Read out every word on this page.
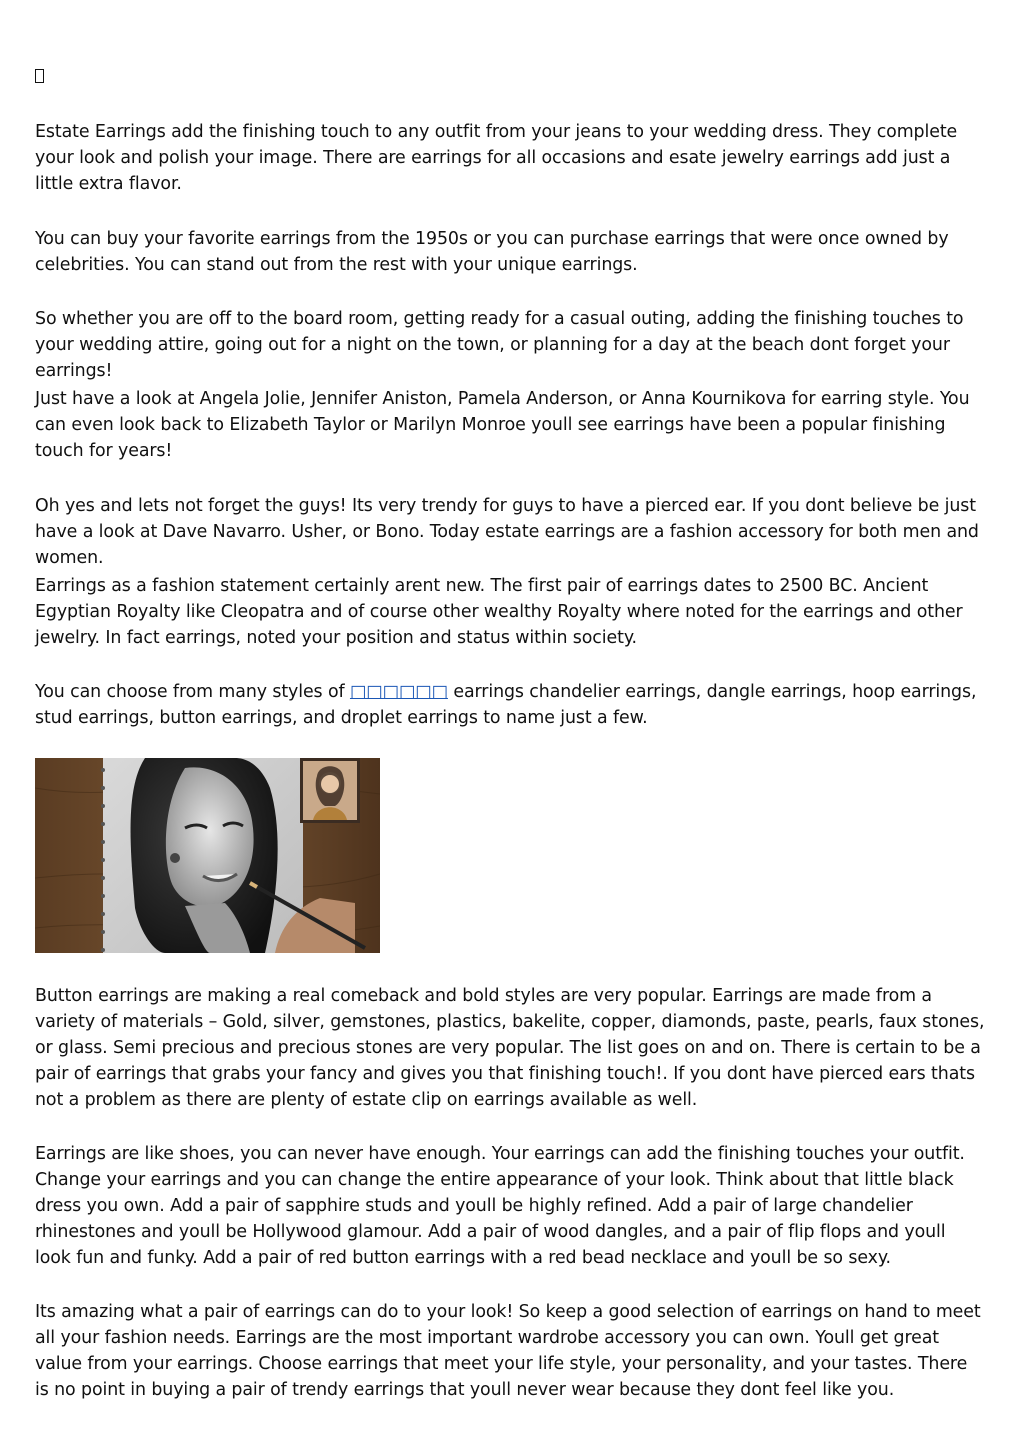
Estate Earrings add the finishing touch to any outfit from your jeans to your wedding dress. They complete your look and polish your image. There are earrings for all occasions and esate jewelry earrings add just a little extra flavor.

You can buy your favorite earrings from the 1950s or you can purchase earrings that were once owned by celebrities. You can stand out from the rest with your unique earrings.

So whether you are off to the board room, getting ready for a casual outing, adding the finishing touches to your wedding attire, going out for a night on the town, or planning for a day at the beach dont forget your earrings!

Just have a look at Angela Jolie, Jennifer Aniston, Pamela Anderson, or Anna Kournikova for earring style. You can even look back to Elizabeth Taylor or Marilyn Monroe youll see earrings have been a popular finishing touch for years!

Oh yes and lets not forget the guys! Its very trendy for guys to have a pierced ear. If you dont believe be just have a look at Dave Navarro. Usher, or Bono. Today estate earrings are a fashion accessory for both men and women.

Earrings as a fashion statement certainly arent new. The first pair of earrings dates to 2500 BC. Ancient Egyptian Royalty like Cleopatra and of course other wealthy Royalty where noted for the earrings and other jewelry. In fact earrings, noted your position and status within society.

You can choose from many styles of □□□□□□ earrings chandelier earrings, dangle earrings, hoop earrings, stud earrings, button earrings, and droplet earrings to name just a few.

Button earrings are making a real comeback and bold styles are very popular. Earrings are made from a variety of materials – Gold, silver, gemstones, plastics, bakelite, copper, diamonds, paste, pearls, faux stones, or glass. Semi precious and precious stones are very popular. The list goes on and on. There is certain to be a pair of earrings that grabs your fancy and gives you that finishing touch!. If you dont have pierced ears thats not a problem as there are plenty of estate clip on earrings available as well.

Earrings are like shoes, you can never have enough. Your earrings can add the finishing touches your outfit. Change your earrings and you can change the entire appearance of your look. Think about that little black dress you own. Add a pair of sapphire studs and youll be highly refined. Add a pair of large chandelier rhinestones and youll be Hollywood glamour. Add a pair of wood dangles, and a pair of flip flops and youll look fun and funky. Add a pair of red button earrings with a red bead necklace and youll be so sexy.

Its amazing what a pair of earrings can do to your look! So keep a good selection of earrings on hand to meet all your fashion needs. Earrings are the most important wardrobe accessory you can own. Youll get great value from your earrings. Choose earrings that meet your life style, your personality, and your tastes. There is no point in buying a pair of trendy earrings that youll never wear because they dont feel like you.
